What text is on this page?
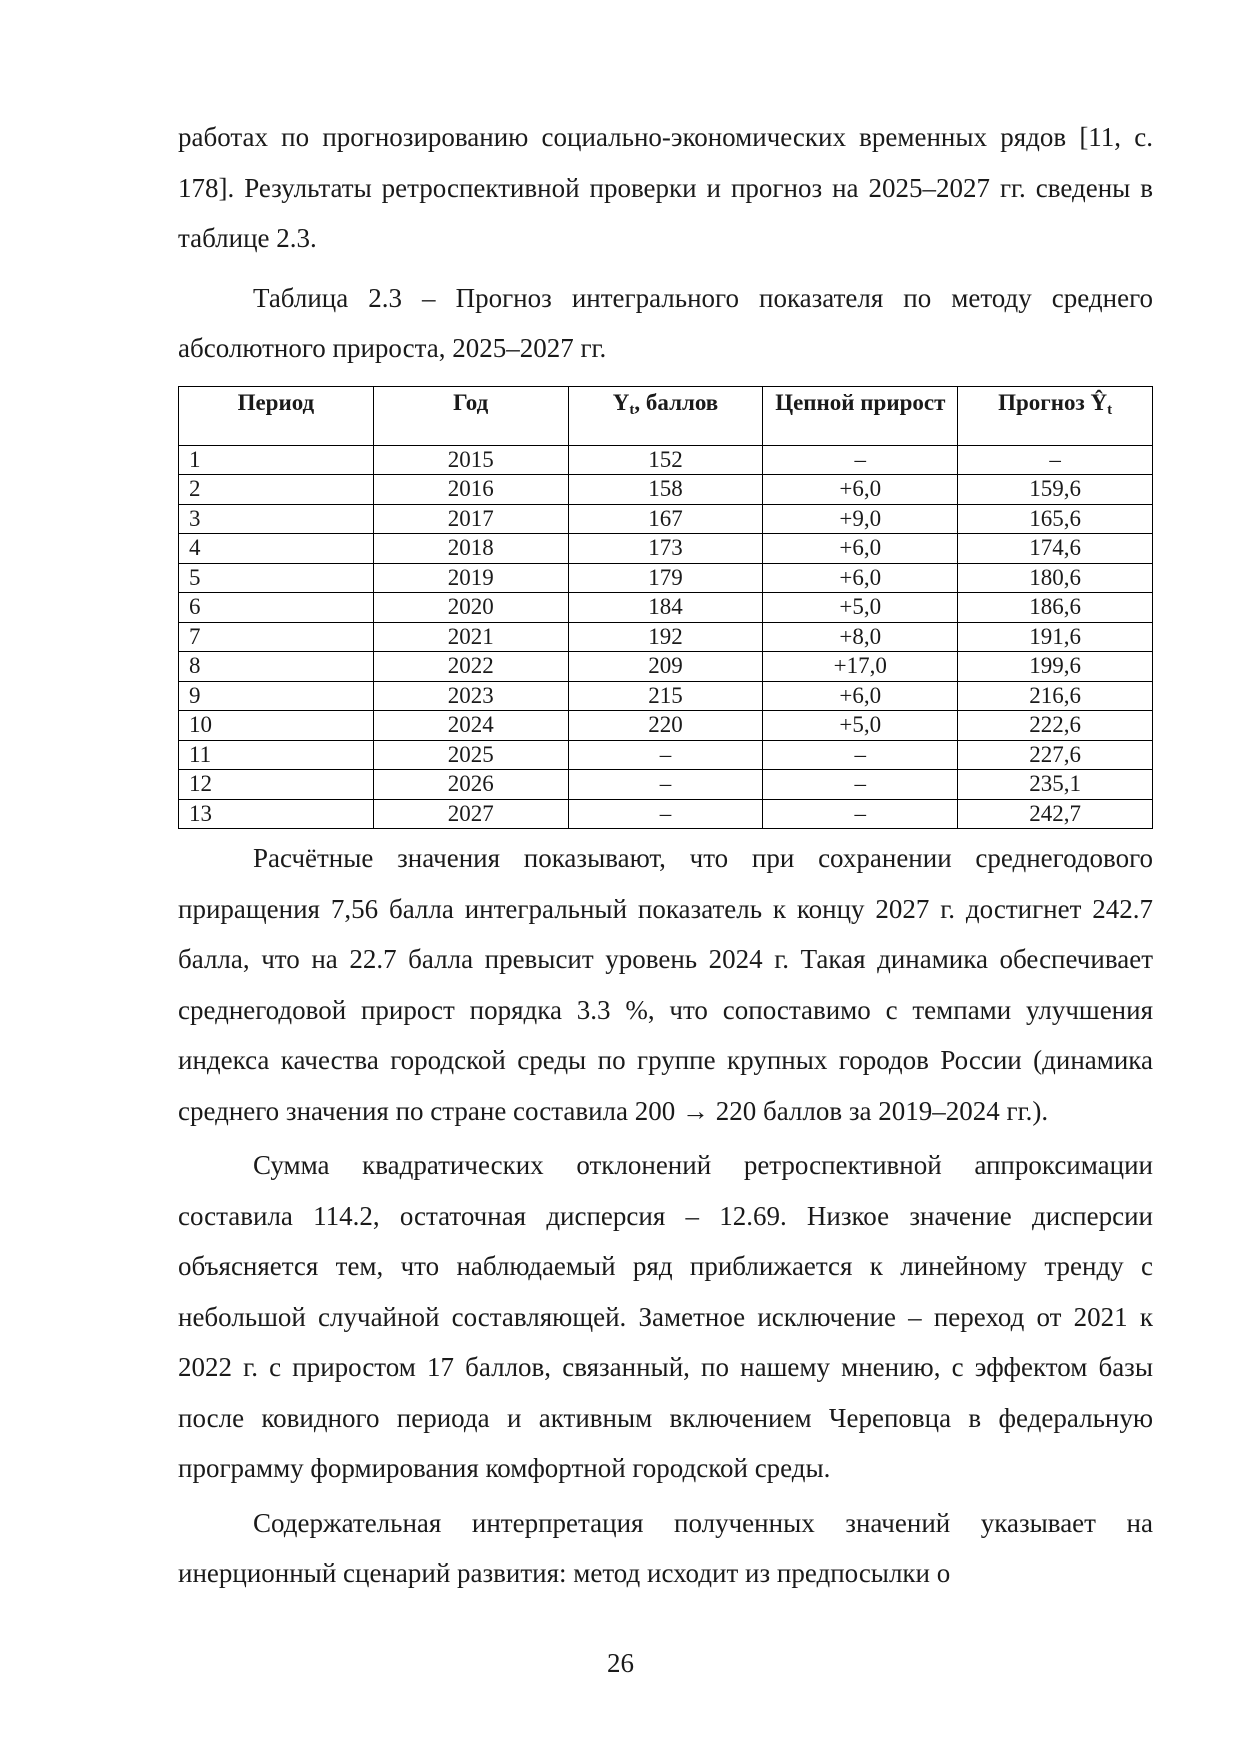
работах по прогнозированию социально-экономических временных рядов [11, с. 178]. Результаты ретроспективной проверки и прогноз на 2025–2027 гг. сведены в таблице 2.3.

Таблица 2.3 – Прогноз интегрального показателя по методу среднего абсолютного прироста, 2025–2027 гг.

Период	Год	$Y_t$, баллов	Цепной прирост	Прогноз $Ŷ_t$
1	2015	152	–	–
2	2016	158	+6,0	159,6
3	2017	167	+9,0	165,6
4	2018	173	+6,0	174,6
5	2019	179	+6,0	180,6
6	2020	184	+5,0	186,6
7	2021	192	+8,0	191,6
8	2022	209	+17,0	199,6
9	2023	215	+6,0	216,6
10	2024	220	+5,0	222,6
11	2025	–	–	227,6
12	2026	–	–	235,1
13	2027	–	–	242,7

Расчётные значения показывают, что при сохранении среднегодового приращения 7,56 балла интегральный показатель к концу 2027 г. достигнет 242.7 балла, что на 22.7 балла превысит уровень 2024 г. Такая динамика обеспечивает среднегодовой прирост порядка 3.3 %, что сопоставимо с темпами улучшения индекса качества городской среды по группе крупных городов России (динамика среднего значения по стране составила 200 → 220 баллов за 2019–2024 гг.).

Сумма квадратических отклонений ретроспективной аппроксимации составила 114.2, остаточная дисперсия – 12.69. Низкое значение дисперсии объясняется тем, что наблюдаемый ряд приближается к линейному тренду с небольшой случайной составляющей. Заметное исключение – переход от 2021 к 2022 г. с приростом 17 баллов, связанный, по нашему мнению, с эффектом базы после ковидного периода и активным включением Череповца в федеральную программу формирования комфортной городской среды.

Содержательная интерпретация полученных значений указывает на инерционный сценарий развития: метод исходит из предпосылки о

26
